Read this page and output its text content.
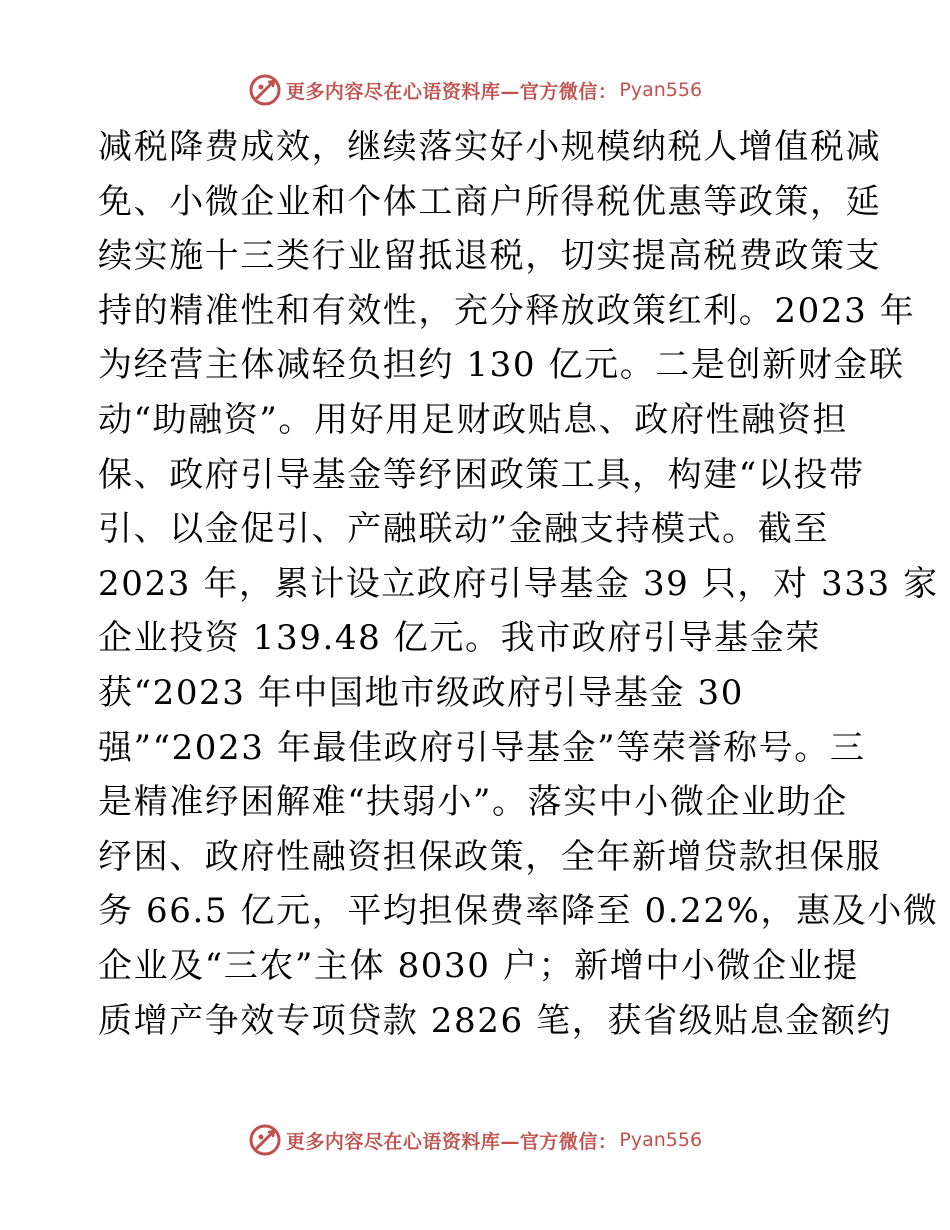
更多内容尽在心语资料库—官方微信： Pyan556
减税降费成效，继续落实好小规模纳税人增值税减
免、小微企业和个体工商户所得税优惠等政策，延
续实施十三类行业留抵退税，切实提高税费政策支
持的精准性和有效性，充分释放政策红利。2023 年
为经营主体减轻负担约 130 亿元。二是创新财金联
动“助融资”。用好用足财政贴息、政府性融资担
保、政府引导基金等纾困政策工具，构建“以投带
引、以金促引、产融联动”金融支持模式。截至
2023 年，累计设立政府引导基金 39 只，对 333 家
企业投资 139.48 亿元。我市政府引导基金荣
获“2023 年中国地市级政府引导基金 30
强”“2023 年最佳政府引导基金”等荣誉称号。三
是精准纾困解难“扶弱小”。落实中小微企业助企
纾困、政府性融资担保政策，全年新增贷款担保服
务 66.5 亿元，平均担保费率降至 0.22%，惠及小微
企业及“三农”主体 8030 户；新增中小微企业提
质增产争效专项贷款 2826 笔，获省级贴息金额约
更多内容尽在心语资料库—官方微信： Pyan556
